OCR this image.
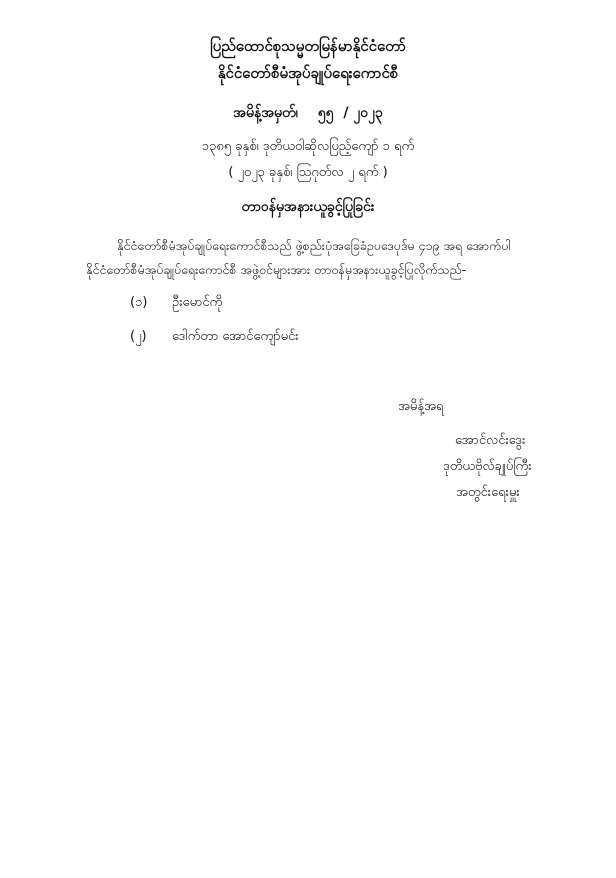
ပြည်ထောင်စုသမ္မတမြန်မာနိုင်ငံတော်
နိုင်ငံတော်စီမံအုပ်ချုပ်ရေးကောင်စီ
အမိန့်အမှတ်၊ ၅၅ / ၂၀၂၃
၁၃၈၅ ခုနှစ်၊ ဒုတိယဝါဆိုလပြည့်ကျော် ၁ ရက်
( ၂၀၂၃ ခုနှစ်၊ ဩဂုတ်လ ၂ ရက် )
တာဝန်မှအနားယူခွင့်ပြုခြင်း
နိုင်ငံတော်စီမံအုပ်ချုပ်ရေးကောင်စီသည် ဖွဲ့စည်းပုံအခြေခံဥပဒေပုဒ်မ ၄၁၉ အရ အောက်ပါ
နိုင်ငံတော်စီမံအုပ်ချုပ်ရေးကောင်စီ အဖွဲ့ဝင်များအား တာဝန်မှအနားယူခွင့်ပြုလိုက်သည်-
(၁) ဦးမောင်ကို
(၂) ဒေါက်တာ အောင်ကျော်မင်း
အမိန့်အရ
အောင်လင်းဒွေး
ဒုတိယဗိုလ်ချုပ်ကြီး
အတွင်းရေးမှူး
